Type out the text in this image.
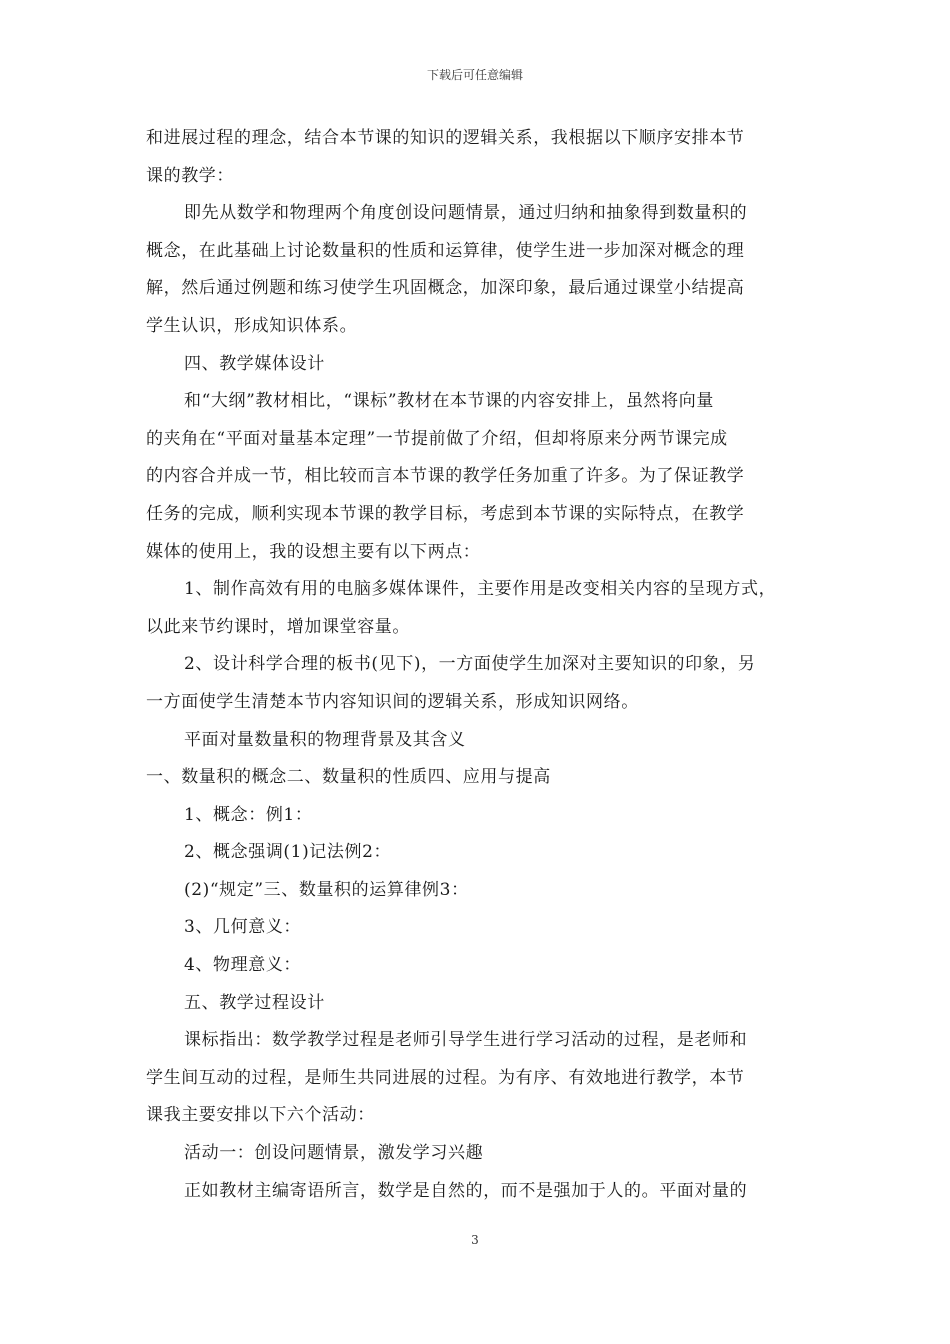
下载后可任意编辑

和进展过程的理念，结合本节课的知识的逻辑关系，我根据以下顺序安排本节

课的教学：

即先从数学和物理两个角度创设问题情景，通过归纳和抽象得到数量积的

概念，在此基础上讨论数量积的性质和运算律，使学生进一步加深对概念的理

解，然后通过例题和练习使学生巩固概念，加深印象，最后通过课堂小结提高

学生认识，形成知识体系。

四、教学媒体设计

和“大纲”教材相比，“课标”教材在本节课的内容安排上，虽然将向量

的夹角在“平面对量基本定理”一节提前做了介绍，但却将原来分两节课完成

的内容合并成一节，相比较而言本节课的教学任务加重了许多。为了保证教学

任务的完成，顺利实现本节课的教学目标，考虑到本节课的实际特点，在教学

媒体的使用上，我的设想主要有以下两点：

1、制作高效有用的电脑多媒体课件，主要作用是改变相关内容的呈现方式，

以此来节约课时，增加课堂容量。

2、设计科学合理的板书(见下)，一方面使学生加深对主要知识的印象，另

一方面使学生清楚本节内容知识间的逻辑关系，形成知识网络。

平面对量数量积的物理背景及其含义

一、数量积的概念二、数量积的性质四、应用与提高

1、概念：例1：

2、概念强调(1)记法例2：

(2)“规定”三、数量积的运算律例3：

3、几何意义：

4、物理意义：

五、教学过程设计

课标指出：数学教学过程是老师引导学生进行学习活动的过程，是老师和

学生间互动的过程，是师生共同进展的过程。为有序、有效地进行教学，本节

课我主要安排以下六个活动：

活动一：创设问题情景，激发学习兴趣

正如教材主编寄语所言，数学是自然的，而不是强加于人的。平面对量的

3
